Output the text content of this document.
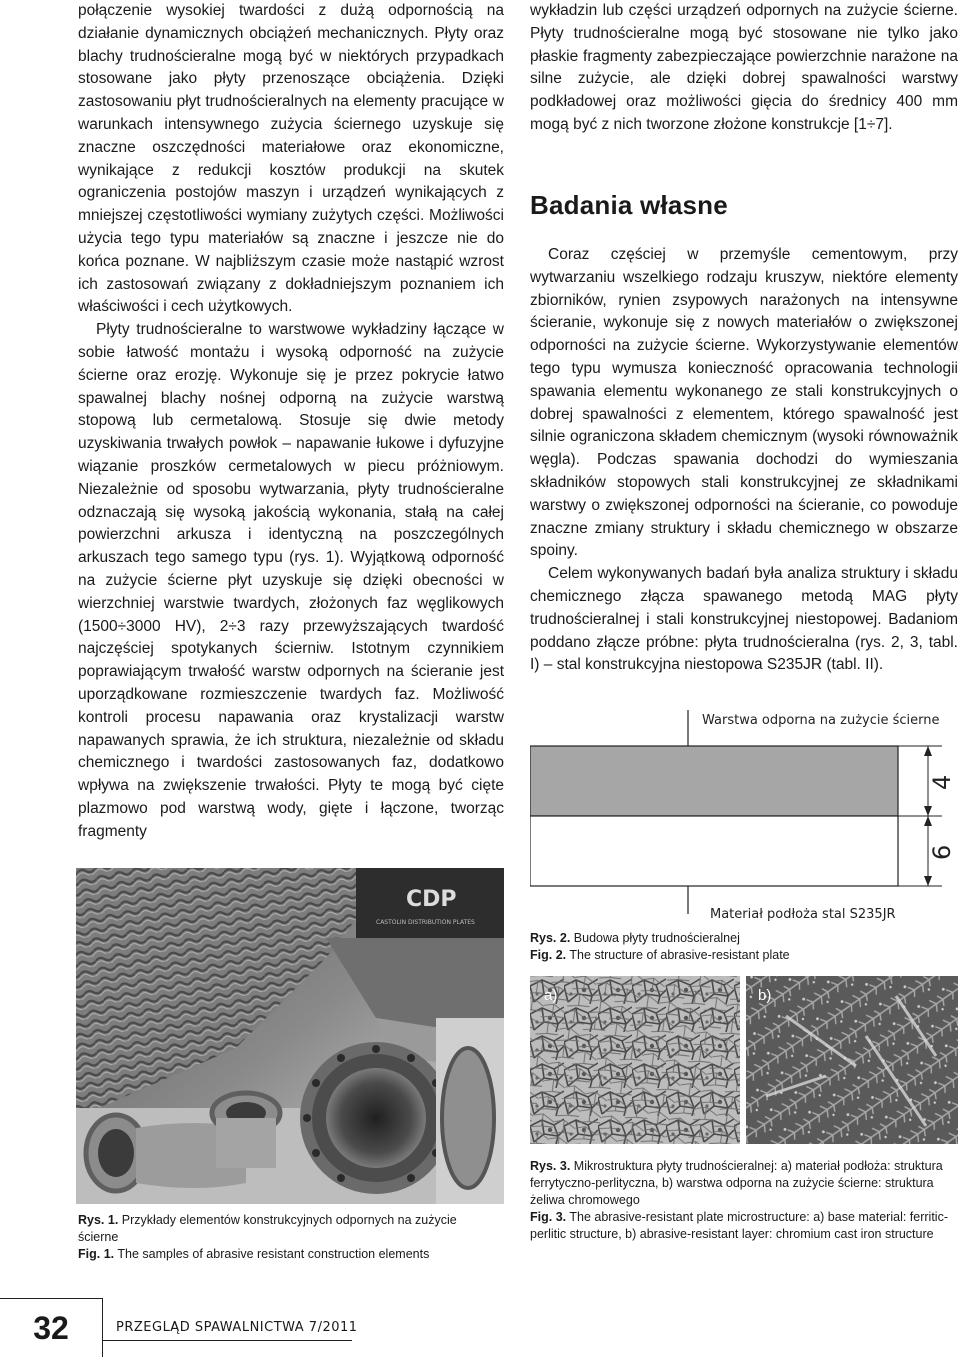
połączenie wysokiej twardości z dużą odpornością na działanie dynamicznych obciążeń mechanicznych. Płyty oraz blachy trudnościeralne mogą być w niektórych przypadkach stosowane jako płyty przenoszące obciążenia. Dzięki zastosowaniu płyt trudnościeralnych na elementy pracujące w warunkach intensywnego zużycia ściernego uzyskuje się znaczne oszczędności materiałowe oraz ekonomiczne, wynikające z redukcji kosztów produkcji na skutek ograniczenia postojów maszyn i urządzeń wynikających z mniejszej częstotliwości wymiany zużytych części. Możliwości użycia tego typu materiałów są znaczne i jeszcze nie do końca poznane. W najbliższym czasie może nastąpić wzrost ich zastosowań związany z dokładniejszym poznaniem ich właściwości i cech użytkowych.

Płyty trudnościeralne to warstwowe wykładziny łączące w sobie łatwość montażu i wysoką odporność na zużycie ścierne oraz erozję. Wykonuje się je przez pokrycie łatwo spawalnej blachy nośnej odporną na zużycie warstwą stopową lub cermetalową. Stosuje się dwie metody uzyskiwania trwałych powłok – napawanie łukowe i dyfuzyjne wiązanie proszków cermetalowych w piecu próżniowym. Niezależnie od sposobu wytwarzania, płyty trudnościeralne odznaczają się wysoką jakością wykonania, stałą na całej powierzchni arkusza i identyczną na poszczególnych arkuszach tego samego typu (rys. 1). Wyjątkową odporność na zużycie ścierne płyt uzyskuje się dzięki obecności w wierzchniej warstwie twardych, złożonych faz węglikowych (1500÷3000 HV), 2÷3 razy przewyższających twardość najczęściej spotykanych ścierniw. Istotnym czynnikiem poprawiającym trwałość warstw odpornych na ścieranie jest uporządkowane rozmieszczenie twardych faz. Możliwość kontroli procesu napawania oraz krystalizacji warstw napawanych sprawia, że ich struktura, niezależnie od składu chemicznego i twardości zastosowanych faz, dodatkowo wpływa na zwiększenie trwałości. Płyty te mogą być cięte plazmowo pod warstwą wody, gięte i łączone, tworząc fragmenty

wykładzin lub części urządzeń odpornych na zużycie ścierne. Płyty trudnościeralne mogą być stosowane nie tylko jako płaskie fragmenty zabezpieczające powierzchnie narażone na silne zużycie, ale dzięki dobrej spawalności warstwy podkładowej oraz możliwości gięcia do średnicy 400 mm mogą być z nich tworzone złożone konstrukcje [1÷7].

Badania własne

Coraz częściej w przemyśle cementowym, przy wytwarzaniu wszelkiego rodzaju kruszyw, niektóre elementy zbiorników, rynien zsypowych narażonych na intensywne ścieranie, wykonuje się z nowych materiałów o zwiększonej odporności na zużycie ścierne. Wykorzystywanie elementów tego typu wymusza konieczność opracowania technologii spawania elementu wykonanego ze stali konstrukcyjnych o dobrej spawalności z elementem, którego spawalność jest silnie ograniczona składem chemicznym (wysoki równoważnik węgla). Podczas spawania dochodzi do wymieszania składników stopowych stali konstrukcyjnej ze składnikami warstwy o zwiększonej odporności na ścieranie, co powoduje znaczne zmiany struktury i składu chemicznego w obszarze spoiny.

Celem wykonywanych badań była analiza struktury i składu chemicznego złącza spawanego metodą MAG płyty trudnościeralnej i stali konstrukcyjnej niestopowej. Badaniom poddano złącze próbne: płyta trudnościeralna (rys. 2, 3, tabl. I) – stal konstrukcyjna niestopowa S235JR (tabl. II).

CDP
CASTOLIN DISTRIBUTION PLATES

Rys. 1. Przykłady elementów konstrukcyjnych odpornych na zużycie ścierne

Fig. 1. The samples of abrasive resistant construction elements

Warstwa odporna na zużycie ścierne
4
6
Materiał podłoża stal S235JR

Rys. 2. Budowa płyty trudnościeralnej

Fig. 2. The structure of abrasive-resistant plate

a)	b)

Rys. 3. Mikrostruktura płyty trudnościeralnej: a) materiał podłoża: struktura ferrytyczno-perlityczna, b) warstwa odporna na zużycie ścierne: struktura żeliwa chromowego

Fig. 3. The abrasive-resistant plate microstructure: a) base material: ferritic-perlitic structure, b) abrasive-resistant layer: chromium cast iron structure

32	PRZEGLĄD SPAWALNICTWA 7/2011
